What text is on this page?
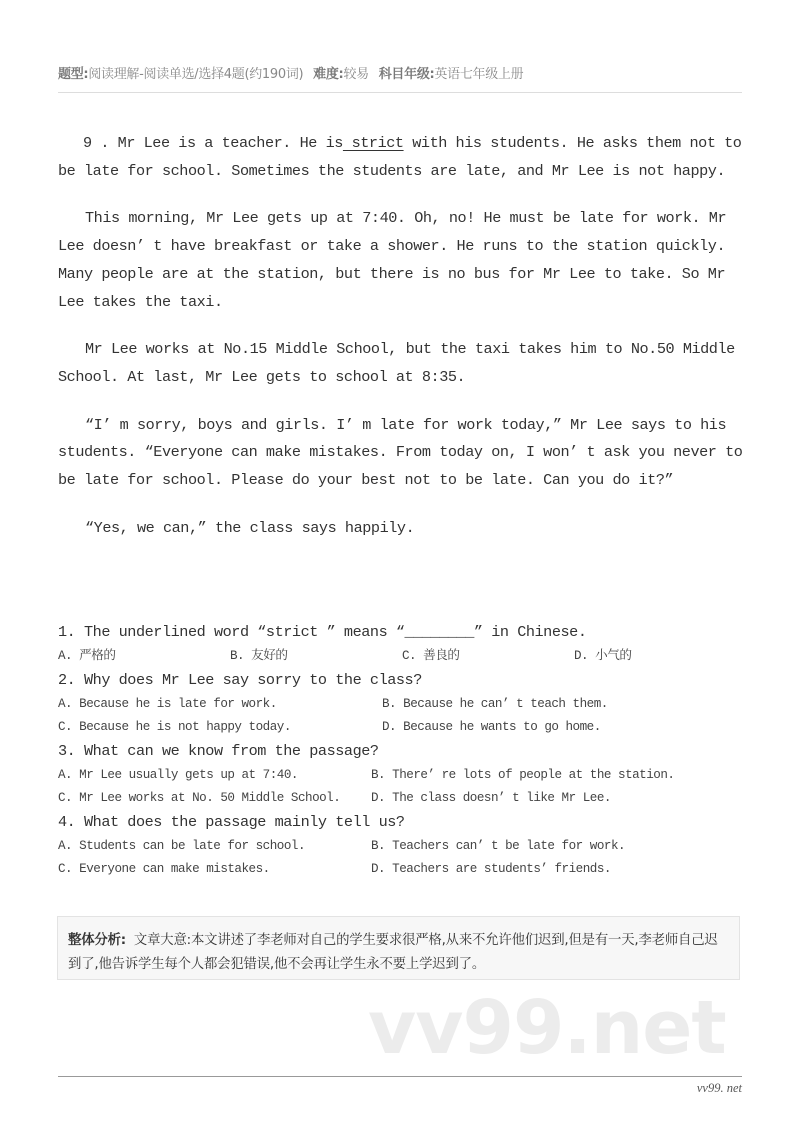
题型:阅读理解-阅读单选/选择4题(约190词) 难度:较易 科目年级:英语七年级上册

9 . Mr Lee is a teacher. He is strict with his students. He asks them not to be late for school. Sometimes the students are late, and Mr Lee is not happy.

This morning, Mr Lee gets up at 7:40. Oh, no! He must be late for work. Mr Lee doesn’ t have breakfast or take a shower. He runs to the station quickly. Many people are at the station, but there is no bus for Mr Lee to take. So Mr Lee takes the taxi.

Mr Lee works at No.15 Middle School, but the taxi takes him to No.50 Middle School. At last, Mr Lee gets to school at 8:35.

“I’ m sorry, boys and girls. I’ m late for work today,” Mr Lee says to his students. “Everyone can make mistakes. From today on, I won’ t ask you never to be late for school. Please do your best not to be late. Can you do it?”

“Yes, we can,” the class says happily.

1. The underlined word “strict ” means “________” in Chinese.
A. 严格的	B. 友好的	C. 善良的	D. 小气的
2. Why does Mr Lee say sorry to the class?
A. Because he is late for work.	B. Because he can’ t teach them.
C. Because he is not happy today.	D. Because he wants to go home.
3. What can we know from the passage?
A. Mr Lee usually gets up at 7:40.	B. There’ re lots of people at the station.
C. Mr Lee works at No. 50 Middle School.	D. The class doesn’ t like Mr Lee.
4. What does the passage mainly tell us?
A. Students can be late for school.	B. Teachers can’ t be late for work.
C. Everyone can make mistakes.	D. Teachers are students’ friends.
整体分析: 文章大意:本文讲述了李老师对自己的学生要求很严格,从来不允许他们迟到,但是有一天,李老师自己迟到了,他告诉学生每个人都会犯错误,他不会再让学生永不要上学迟到了。
vv99.net
vv99. net
